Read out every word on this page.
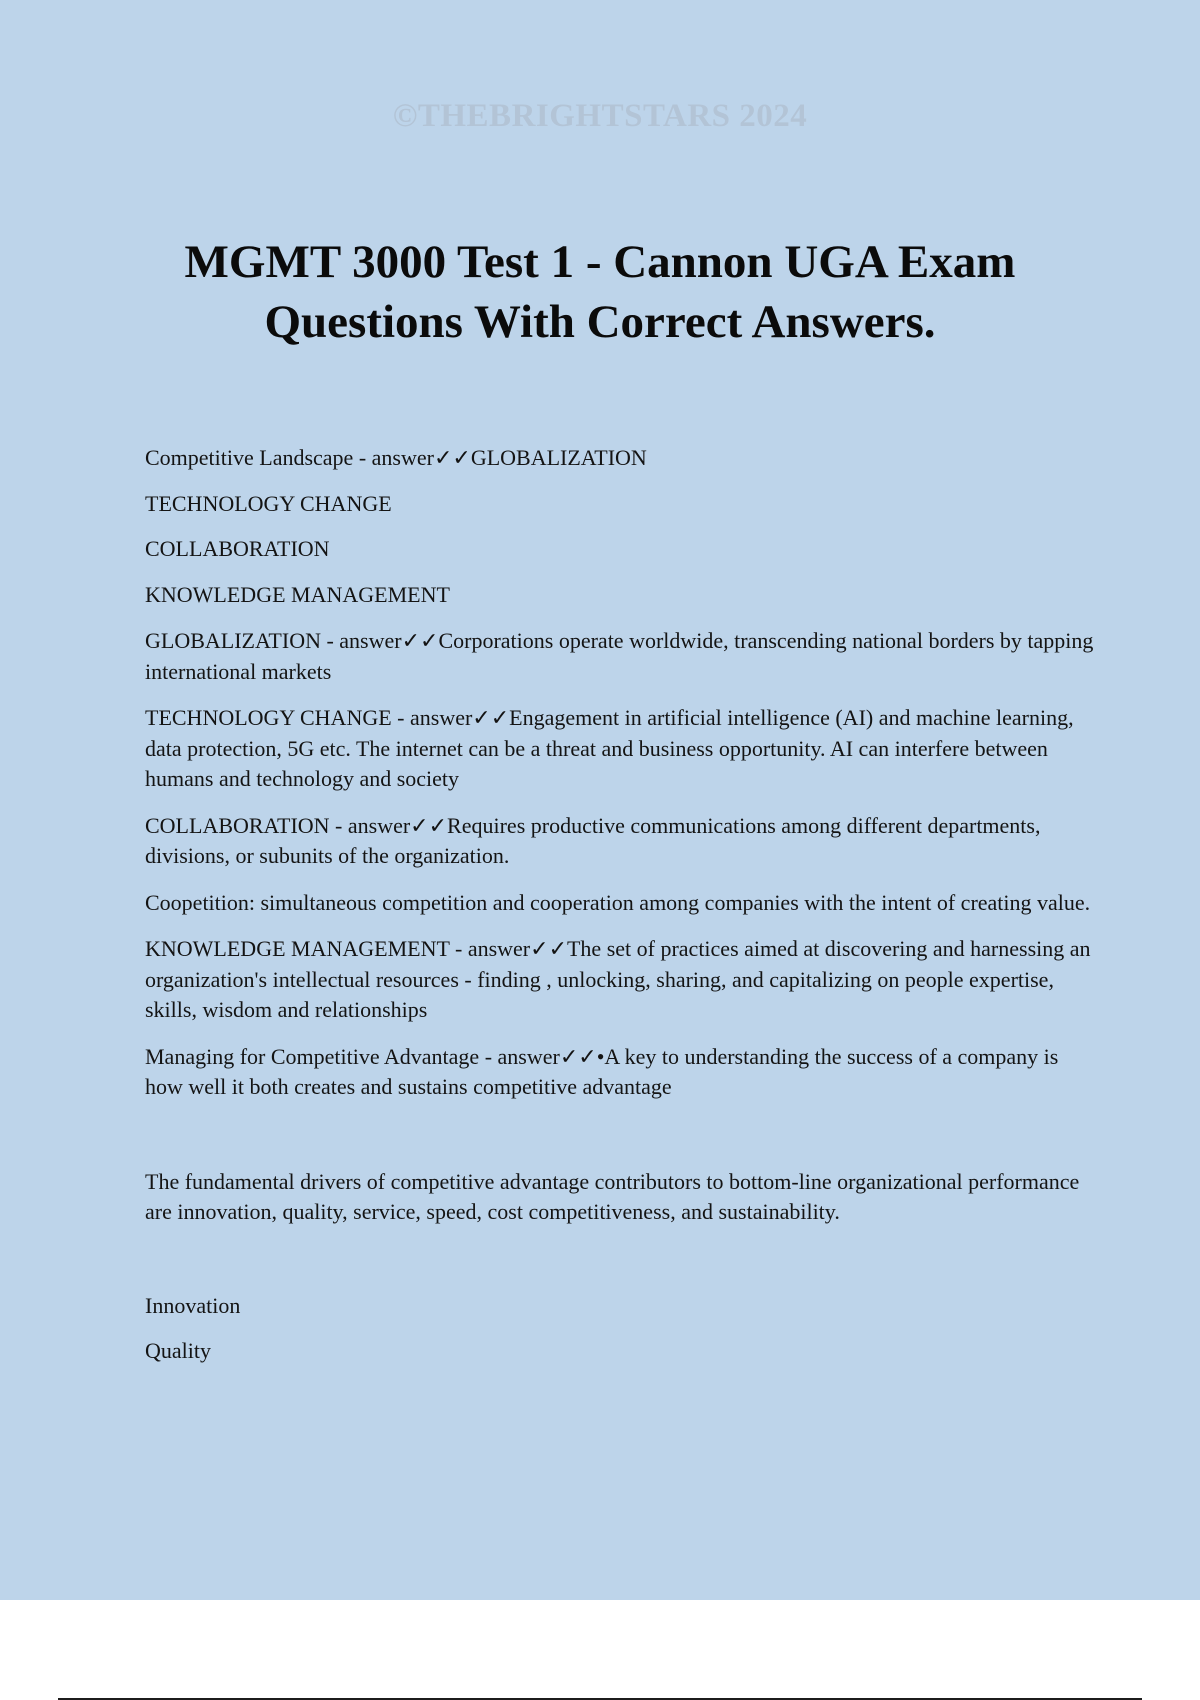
©THEBRIGHTSTARS 2024
MGMT 3000 Test 1 - Cannon UGA Exam Questions With Correct Answers.

Competitive Landscape - answer✓✓GLOBALIZATION

TECHNOLOGY CHANGE

COLLABORATION

KNOWLEDGE MANAGEMENT

GLOBALIZATION - answer✓✓Corporations operate worldwide, transcending national borders by tapping international markets

TECHNOLOGY CHANGE - answer✓✓Engagement in artificial intelligence (AI) and machine learning, data protection, 5G etc. The internet can be a threat and business opportunity. AI can interfere between humans and technology and society

COLLABORATION - answer✓✓Requires productive communications among different departments, divisions, or subunits of the organization.

Coopetition: simultaneous competition and cooperation among companies with the intent of creating value.

KNOWLEDGE MANAGEMENT - answer✓✓The set of practices aimed at discovering and harnessing an organization's intellectual resources - finding , unlocking, sharing, and capitalizing on people expertise, skills, wisdom and relationships

Managing for Competitive Advantage - answer✓✓•A key to understanding the success of a company is how well it both creates and sustains competitive advantage

The fundamental drivers of competitive advantage contributors to bottom-line organizational performance are innovation, quality, service, speed, cost competitiveness, and sustainability.

Innovation

Quality
